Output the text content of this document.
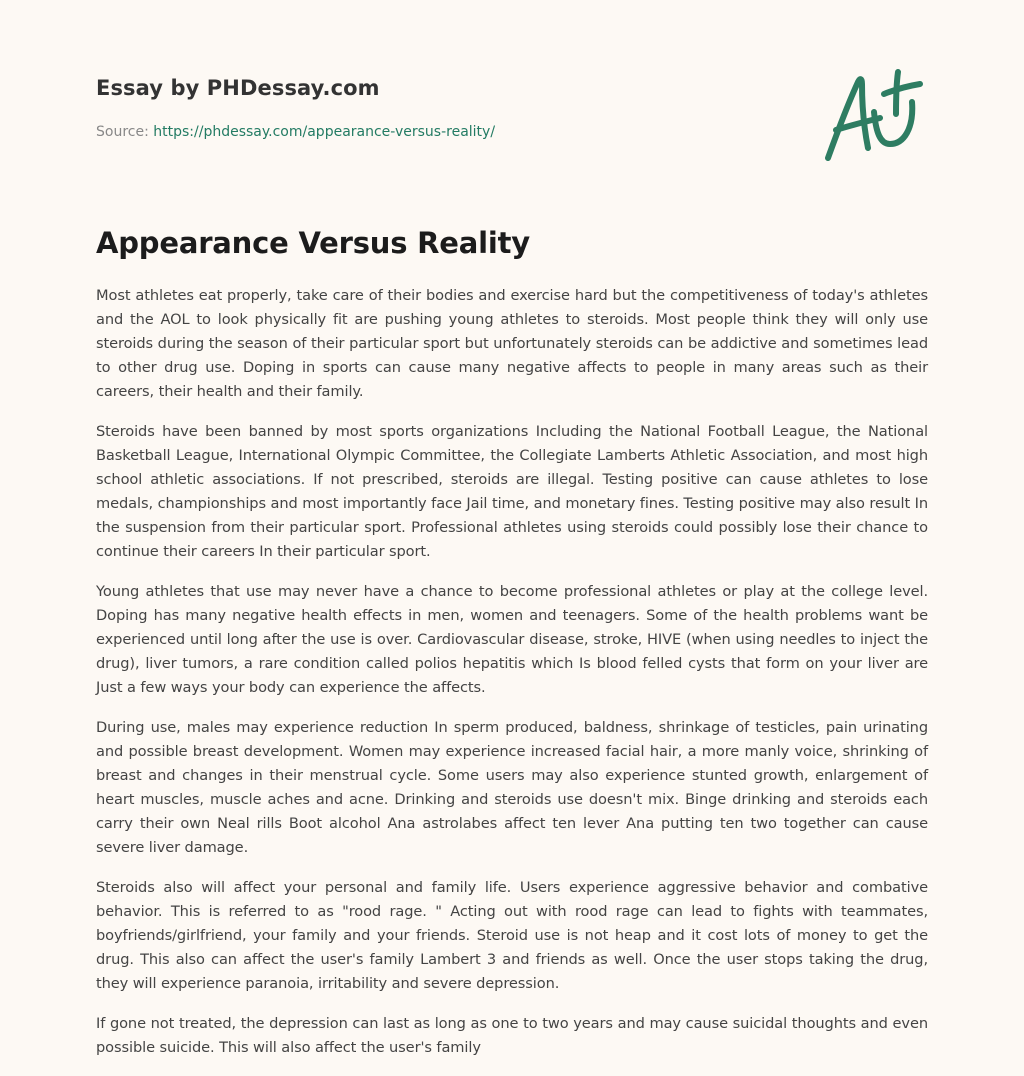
Essay by PHDessay.com
Source: https://phdessay.com/appearance-versus-reality/
Appearance Versus Reality

Most athletes eat properly, take care of their bodies and exercise hard but the competitiveness of today's athletes and the AOL to look physically fit are pushing young athletes to steroids. Most people think they will only use steroids during the season of their particular sport but unfortunately steroids can be addictive and sometimes lead to other drug use. Doping in sports can cause many negative affects to people in many areas such as their careers, their health and their family.

Steroids have been banned by most sports organizations Including the National Football League, the National Basketball League, International Olympic Committee, the Collegiate Lamberts Athletic Association, and most high school athletic associations. If not prescribed, steroids are illegal. Testing positive can cause athletes to lose medals, championships and most importantly face Jail time, and monetary fines. Testing positive may also result In the suspension from their particular sport. Professional athletes using steroids could possibly lose their chance to continue their careers In their particular sport.

Young athletes that use may never have a chance to become professional athletes or play at the college level. Doping has many negative health effects in men, women and teenagers. Some of the health problems want be experienced until long after the use is over. Cardiovascular disease, stroke, HIVE (when using needles to inject the drug), liver tumors, a rare condition called polios hepatitis which Is blood felled cysts that form on your liver are Just a few ways your body can experience the affects.

During use, males may experience reduction In sperm produced, baldness, shrinkage of testicles, pain urinating and possible breast development. Women may experience increased facial hair, a more manly voice, shrinking of breast and changes in their menstrual cycle. Some users may also experience stunted growth, enlargement of heart muscles, muscle aches and acne. Drinking and steroids use doesn't mix. Binge drinking and steroids each carry their own Neal rills Boot alcohol Ana astrolabes affect ten lever Ana putting ten two together can cause severe liver damage.

Steroids also will affect your personal and family life. Users experience aggressive behavior and combative behavior. This is referred to as "rood rage. " Acting out with rood rage can lead to fights with teammates, boyfriends/girlfriend, your family and your friends. Steroid use is not heap and it cost lots of money to get the drug. This also can affect the user's family Lambert 3 and friends as well. Once the user stops taking the drug, they will experience paranoia, irritability and severe depression.

If gone not treated, the depression can last as long as one to two years and may cause suicidal thoughts and even possible suicide. This will also affect the user's family
